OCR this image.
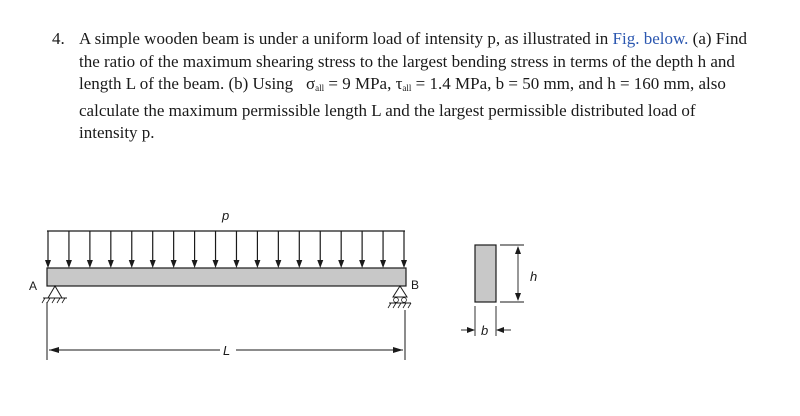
4. A simple wooden beam is under a uniform load of intensity p, as illustrated in Fig. below. (a) Find the ratio of the maximum shearing stress to the largest bending stress in terms of the depth h and length L of the beam. (b) Using $\sigma_{all} = 9$ MPa, $\tau_{all} = 1.4$ MPa, b = 50 mm, and h = 160 mm, also calculate the maximum permissible length L and the largest permissible distributed load of intensity p.
p
A	B
L
h
b
